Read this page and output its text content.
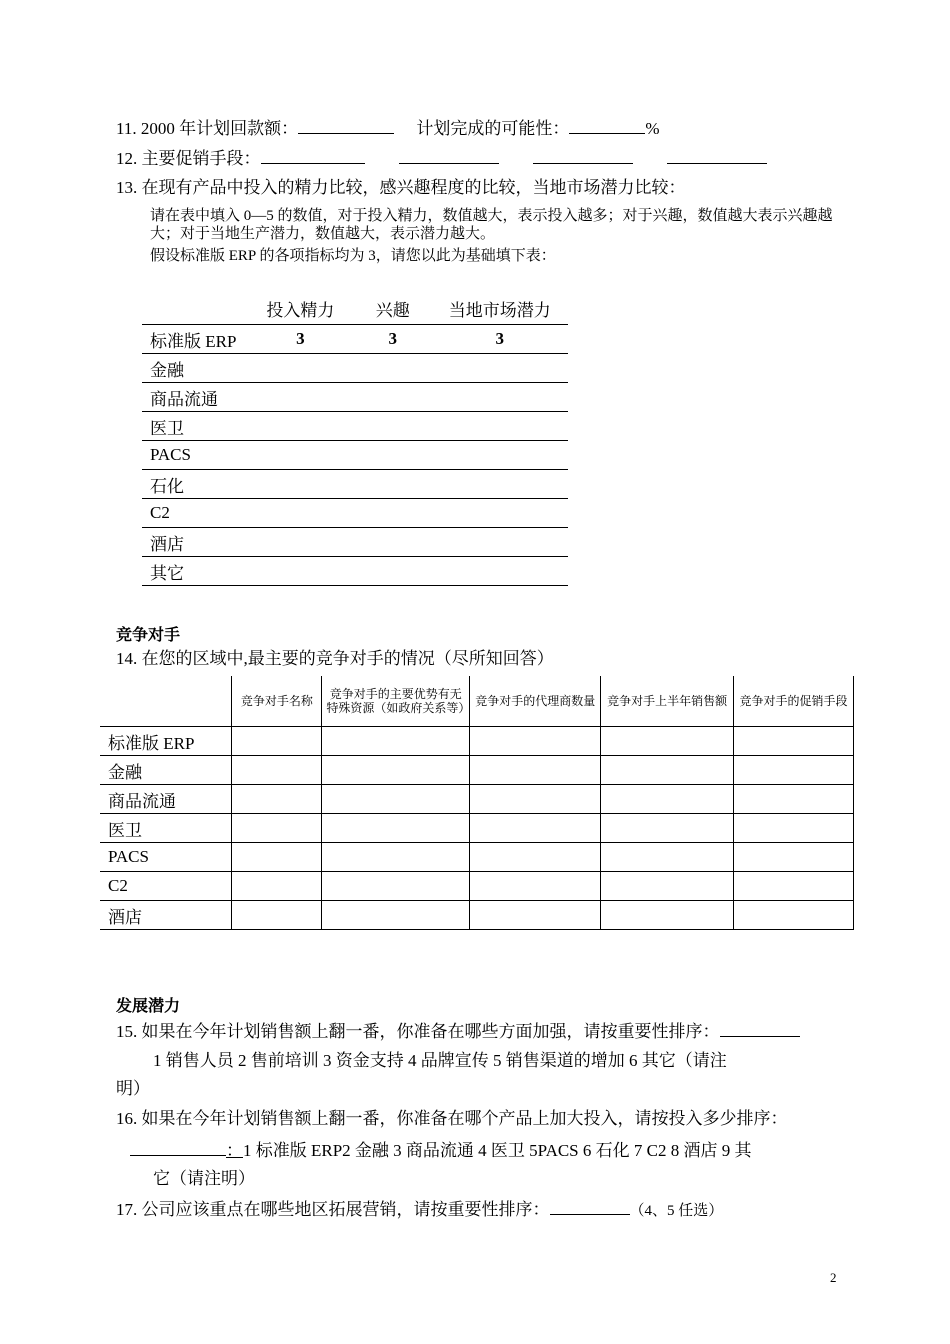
11. 2000 年计划回款额：	计划完成的可能性：	%
12. 主要促销手段：
13. 在现有产品中投入的精力比较，感兴趣程度的比较，当地市场潜力比较：
请在表中填入 0—5 的数值，对于投入精力，数值越大，表示投入越多；对于兴趣，数值越大表示兴趣越大；对于当地生产潜力，数值越大，表示潜力越大。
假设标准版 ERP 的各项指标均为 3，请您以此为基础填下表：
	投入精力	兴趣	当地市场潜力
标准版 ERP	3	3	3
金融			
商品流通			
医卫			
PACS			
石化			
C2			
酒店			
其它			
竞争对手
14. 在您的区域中,最主要的竞争对手的情况（尽所知回答）
	竞争对手名称	竞争对手的主要优势有无特殊资源（如政府关系等）	竞争对手的代理商数量	竞争对手上半年销售额	竞争对手的促销手段
标准版 ERP					
金融					
商品流通					
医卫					
PACS					
C2					
酒店					
发展潜力
15. 如果在今年计划销售额上翻一番，你准备在哪些方面加强，请按重要性排序：
1 销售人员 2 售前培训 3 资金支持 4 品牌宣传 5 销售渠道的增加 6 其它（请注
明）
16. 如果在今年计划销售额上翻一番，你准备在哪个产品上加大投入，请按投入多少排序：
：1 标准版 ERP2 金融 3 商品流通 4 医卫 5PACS 6 石化 7 C2 8 酒店 9 其
它（请注明）
17. 公司应该重点在哪些地区拓展营销，请按重要性排序：	（4、5 任选）
2
